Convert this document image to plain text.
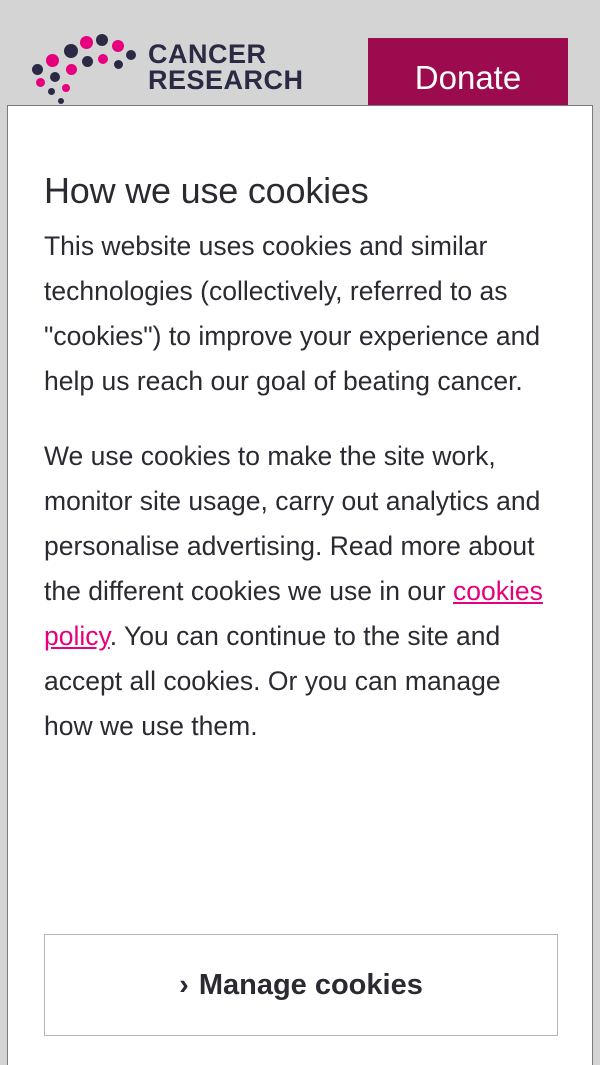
CANCER
RESEARCH	Donate
How we use cookies

This website uses cookies and similar technologies (collectively, referred to as "cookies") to improve your experience and help us reach our goal of beating cancer.

We use cookies to make the site work, monitor site usage, carry out analytics and personalise advertising. Read more about the different cookies we use in our cookies policy. You can continue to the site and accept all cookies. Or you can manage how we use them.

› Manage cookies
